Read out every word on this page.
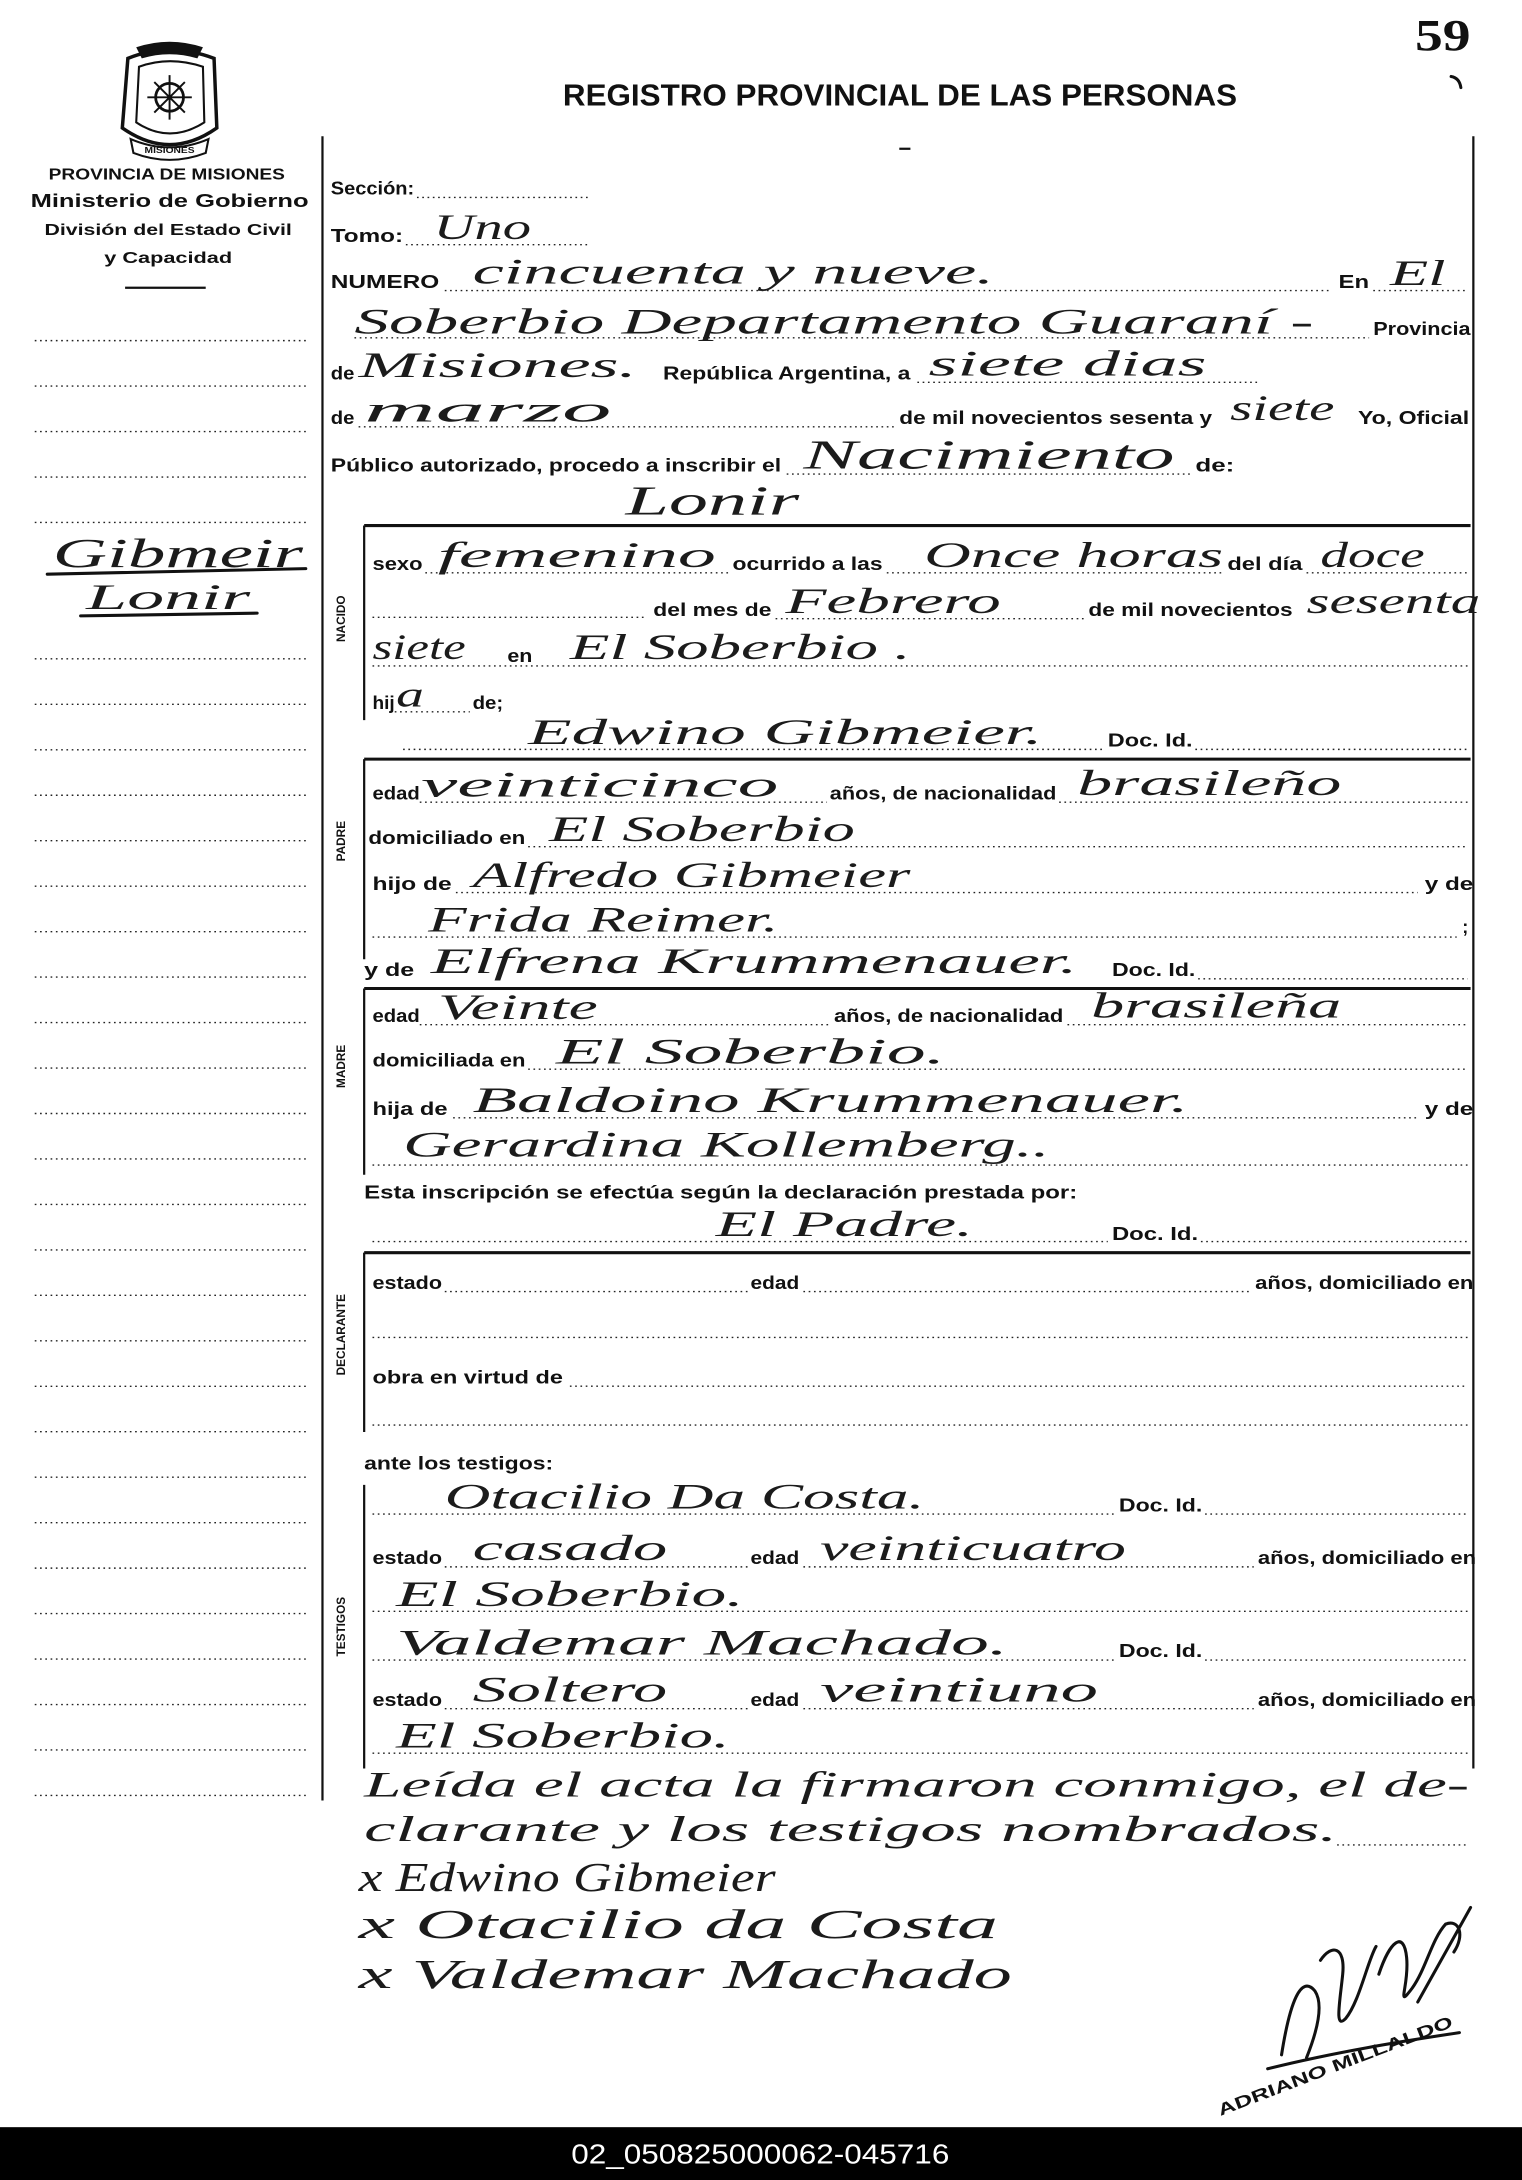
59
MISIONES
PROVINCIA DE MISIONES
Ministerio de Gobierno
División del Estado Civil
y Capacidad
REGISTRO PROVINCIAL DE LAS PERSONAS
Gibmeir
Lonir
Sección:
Tomo: Uno
NUMERO cincuenta y nueve.	En El
Soberbio Departamento Guaraní -	Provincia
de Misiones. República Argentina, a siete dias
de marzo	de mil novecientos sesenta y siete Yo, Oficial
Público autorizado, procedo a inscribir el Nacimiento de:
Lonir
NACIDO
sexo femenino ocurrido a las Once horas del día doce
del mes de Febrero	de mil novecientos sesenta
siete	en El Soberbio .
hij a	de;
Edwino Gibmeier.	Doc. Id.
PADRE
edad veinticinco	años, de nacionalidad brasileño
domiciliado en El Soberbio
hijo de Alfredo Gibmeier	y de
Frida Reimer.	;
y de Elfrena Krummenauer.	Doc. Id.
MADRE
edad Veinte	años, de nacionalidad brasileña
domiciliada en El Soberbio.
hija de Baldoino Krummenauer.	y de
Gerardina Kollemberg..
Esta inscripción se efectúa según la declaración prestada por:
El Padre.	Doc. Id.
DECLARANTE
estado	edad	años, domiciliado en
obra en virtud de
ante los testigos:
TESTIGOS
Otacilio Da Costa.	Doc. Id.
estado casado	edad veinticuatro	años, domiciliado en
El Soberbio.
Valdemar Machado.	Doc. Id.
estado Soltero	edad veintiuno	años, domiciliado en
El Soberbio.
Leída el acta la firmaron conmigo, el de-
clarante y los testigos nombrados.
x Edwino Gibmeier
x Otacilio da Costa
x Valdemar Machado
ADRIANO MILLALDO
02_050825000062-045716
